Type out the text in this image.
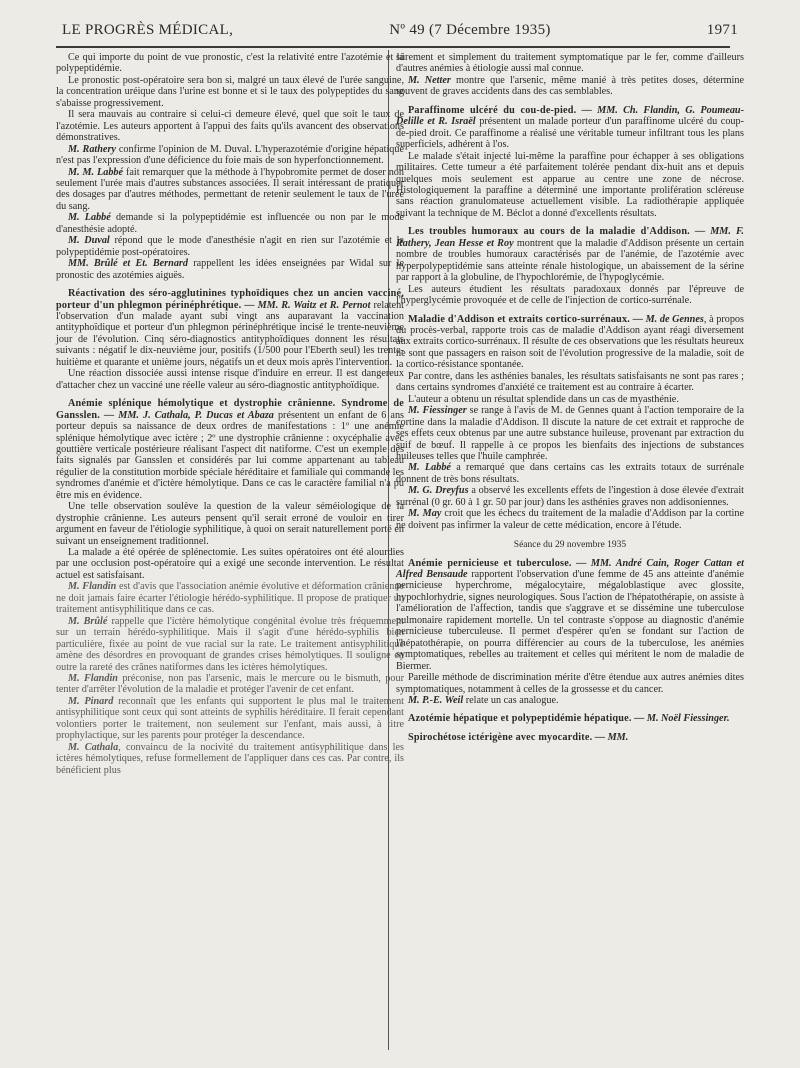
LE PROGRÈS MÉDICAL,	Nº 49 (7 Décembre 1935)	1971

Ce qui importe du point de vue pronostic, c'est la relativité entre l'azotémie et la polypeptidémie.

Le pronostic post-opératoire sera bon si, malgré un taux élevé de l'urée sanguine, la concentration uréique dans l'urine est bonne et si le taux des polypeptides du sang s'abaisse progressivement.

Il sera mauvais au contraire si celui-ci demeure élevé, quel que soit le taux de l'azotémie. Les auteurs apportent à l'appui des faits qu'ils avancent des observations démonstratives.

M. Rathery confirme l'opinion de M. Duval. L'hyperazotémie d'origine hépatique n'est pas l'expression d'une déficience du foie mais de son hyperfonctionnement.

M. M. Labbé fait remarquer que la méthode à l'hypobromite permet de doser non seulement l'urée mais d'autres substances associées. Il serait intéressant de pratiquer des dosages par d'autres méthodes, permettant de retenir seulement le taux de l'urée du sang.

M. Labbé demande si la polypeptidémie est influencée ou non par le mode d'anesthésie adopté.

M. Duval répond que le mode d'anesthésie n'agit en rien sur l'azotémie et la polypeptidémie post-opératoires.

MM. Brûlé et Et. Bernard rappellent les idées enseignées par Widal sur le pronostic des azotémies aiguës.

Réactivation des séro-agglutinines typhoïdiques chez un ancien vacciné, porteur d'un phlegmon périnéphrétique. — MM. R. Waitz et R. Pernot relatent l'observation d'un malade ayant subi vingt ans auparavant la vaccination antityphoïdique et porteur d'un phlegmon périnéphrétique incisé le trente-neuvième jour de l'évolution. Cinq séro-diagnostics antityphoïdiques donnent les résultats suivants : négatif le dix-neuvième jour, positifs (1/500 pour l'Eberth seul) les trente-huitième et quarante et unième jours, négatifs un et deux mois après l'intervention.

Une réaction dissociée aussi intense risque d'induire en erreur. Il est dangereux d'attacher chez un vacciné une réelle valeur au séro-diagnostic antityphoïdique.

Anémie splénique hémolytique et dystrophie crânienne. Syndrome de Gansslen. — MM. J. Cathala, P. Ducas et Abaza présentent un enfant de 6 ans porteur depuis sa naissance de deux ordres de manifestations : 1º une anémie splénique hémolytique avec ictère ; 2º une dystrophie crânienne : oxycéphalie avec gouttière verticale postérieure réalisant l'aspect dit natiforme. C'est un exemple des faits signalés par Gansslen et considérés par lui comme appartenant au tableau régulier de la constitution morbide spéciale héréditaire et familiale qui commande les syndromes d'anémie et d'ictère hémolytique. Dans ce cas le caractère familial n'a pu être mis en évidence.

Une telle observation soulève la question de la valeur séméiologique de la dystrophie crânienne. Les auteurs pensent qu'il serait erroné de vouloir en tirer argument en faveur de l'étiologie syphilitique, à quoi on serait naturellement porté en suivant un enseignement traditionnel.

La malade a été opérée de splénectomie. Les suites opératoires ont été alourdies par une occlusion post-opératoire qui a exigé une seconde intervention. Le résultat actuel est satisfaisant.

M. Flandin est d'avis que l'association anémie évolutive et déformation crânienne ne doit jamais faire écarter l'étiologie hérédo-syphilitique. Il propose de pratiquer un traitement antisyphilitique dans ce cas.

M. Brûlé rappelle que l'ictère hémolytique congénital évolue très fréquemment sur un terrain hérédo-syphilitique. Mais il s'agit d'une hérédo-syphilis bien particulière, fixée au point de vue racial sur la rate. Le traitement antisyphilitique amène des désordres en provoquant de grandes crises hémolytiques. Il souligne en outre la rareté des crânes natiformes dans les ictères hémolytiques.

M. Flandin préconise, non pas l'arsenic, mais le mercure ou le bismuth, pour tenter d'arrêter l'évolution de la maladie et protéger l'avenir de cet enfant.

M. Pinard reconnaît que les enfants qui supportent le plus mal le traitement antisyphilitique sont ceux qui sont atteints de syphilis héréditaire. Il ferait cependant volontiers porter le traitement, non seulement sur l'enfant, mais aussi, à titre prophylactique, sur les parents pour protéger la descendance.

M. Cathala, convaincu de la nocivité du traitement antisyphilitique dans les ictères hémolytiques, refuse formellement de l'appliquer dans ces cas. Par contre, ils bénéficient plus

sûrement et simplement du traitement symptomatique par le fer, comme d'ailleurs d'autres anémies à étiologie aussi mal connue.

M. Netter montre que l'arsenic, même manié à très petites doses, détermine souvent de graves accidents dans des cas semblables.

Paraffinome ulcéré du cou-de-pied. — MM. Ch. Flandin, G. Poumeau-Delille et R. Israël présentent un malade porteur d'un paraffinome ulcéré du coup-de-pied droit. Ce paraffinome a réalisé une véritable tumeur infiltrant tous les plans superficiels, adhérent à l'os.

Le malade s'était injecté lui-même la paraffine pour échapper à ses obligations militaires. Cette tumeur a été parfaitement tolérée pendant dix-huit ans et depuis quelques mois seulement est apparue au centre une zone de nécrose. Histologiquement la paraffine a déterminé une importante prolifération scléreuse sans réaction granulomateuse actuellement visible. La radiothérapie appliquée suivant la technique de M. Béclot a donné d'excellents résultats.

Les troubles humoraux au cours de la maladie d'Addison. — MM. F. Rathery, Jean Hesse et Roy montrent que la maladie d'Addison présente un certain nombre de troubles humoraux caractérisés par de l'anémie, de l'azotémie avec hyperpolypeptidémie sans atteinte rénale histologique, un abaissement de la sérine par rapport à la globuline, de l'hypochlorémie, de l'hypoglycémie.

Les auteurs étudient les résultats paradoxaux donnés par l'épreuve de l'hyperglycémie provoquée et de celle de l'injection de cortico-surrénale.

Maladie d'Addison et extraits cortico-surrénaux. — M. de Gennes, à propos du procès-verbal, rapporte trois cas de maladie d'Addison ayant réagi diversement aux extraits cortico-surrénaux. Il résulte de ces observations que les résultats heureux ne sont que passagers en raison soit de l'évolution progressive de la maladie, soit de la cortico-résistance spontanée.

Par contre, dans les asthénies banales, les résultats satisfaisants ne sont pas rares ; dans certains syndromes d'anxiété ce traitement est au contraire à écarter.

L'auteur a obtenu un résultat splendide dans un cas de myasthénie.

M. Fiessinger se range à l'avis de M. de Gennes quant à l'action temporaire de la cortine dans la maladie d'Addison. Il discute la nature de cet extrait et rapproche de ses effets ceux obtenus par une autre substance huileuse, provenant par extraction du suif de bœuf. Il rappelle à ce propos les bienfaits des injections de substances huileuses telles que l'huile camphrée.

M. Labbé a remarqué que dans certains cas les extraits totaux de surrénale donnent de très bons résultats.

M. G. Dreyfus a observé les excellents effets de l'ingestion à dose élevée d'extrait surrénal (0 gr. 60 à 1 gr. 50 par jour) dans les asthénies graves non addisoniennes.

M. May croit que les échecs du traitement de la maladie d'Addison par la cortine ne doivent pas infirmer la valeur de cette médication, encore à l'étude.

Séance du 29 novembre 1935

Anémie pernicieuse et tuberculose. — MM. André Cain, Roger Cattan et Alfred Bensaude rapportent l'observation d'une femme de 45 ans atteinte d'anémie pernicieuse hyperchrome, mégalocytaire, mégaloblastique avec glossite, hypochlorhydrie, signes neurologiques. Sous l'action de l'hépatothérapie, on assiste à l'amélioration de l'affection, tandis que s'aggrave et se dissémine une tuberculose pulmonaire rapidement mortelle. Un tel contraste s'oppose au diagnostic d'anémie pernicieuse tuberculeuse. Il permet d'espérer qu'en se fondant sur l'action de l'hépatothérapie, on pourra différencier au cours de la tuberculose, les anémies symptomatiques, rebelles au traitement et celles qui méritent le nom de maladie de Biermer.

Pareille méthode de discrimination mérite d'être étendue aux autres anémies dites symptomatiques, notamment à celles de la grossesse et du cancer.

M. P.-E. Weil relate un cas analogue.

Azotémie hépatique et polypeptidémie hépatique. — M. Noël Fiessinger.

Spirochétose ictérigène avec myocardite. — MM.
